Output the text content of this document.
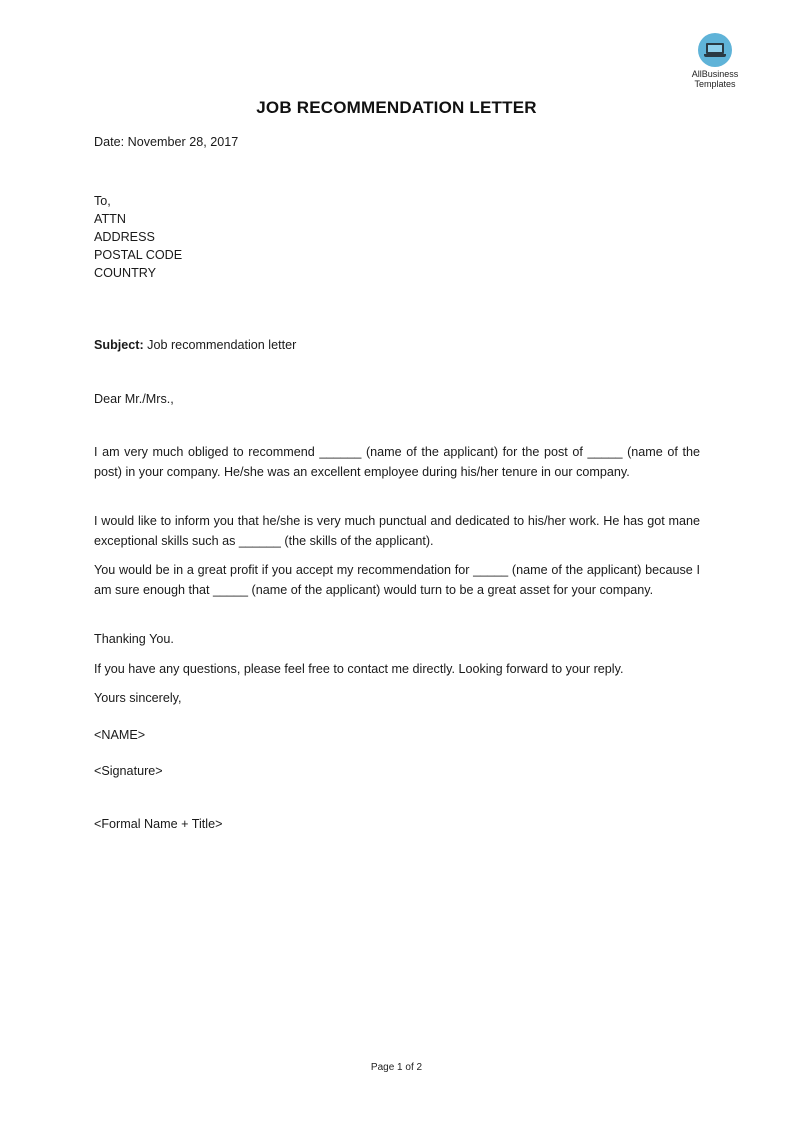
AllBusiness
Templates
JOB RECOMMENDATION LETTER
Date: November 28, 2017
To,
ATTN
ADDRESS
POSTAL CODE
COUNTRY
Subject: Job recommendation letter
Dear Mr./Mrs.,
I am very much obliged to recommend ______ (name of the applicant) for the post of _____ (name of the post) in your company. He/she was an excellent employee during his/her tenure in our company.
I would like to inform you that he/she is very much punctual and dedicated to his/her work. He has got mane exceptional skills such as ______ (the skills of the applicant).
You would be in a great profit if you accept my recommendation for _____ (name of the applicant) because I am sure enough that _____ (name of the applicant) would turn to be a great asset for your company.
Thanking You.
If you have any questions, please feel free to contact me directly. Looking forward to your reply.
Yours sincerely,
<NAME>
<Signature>
<Formal Name + Title>
Page 1 of 2
